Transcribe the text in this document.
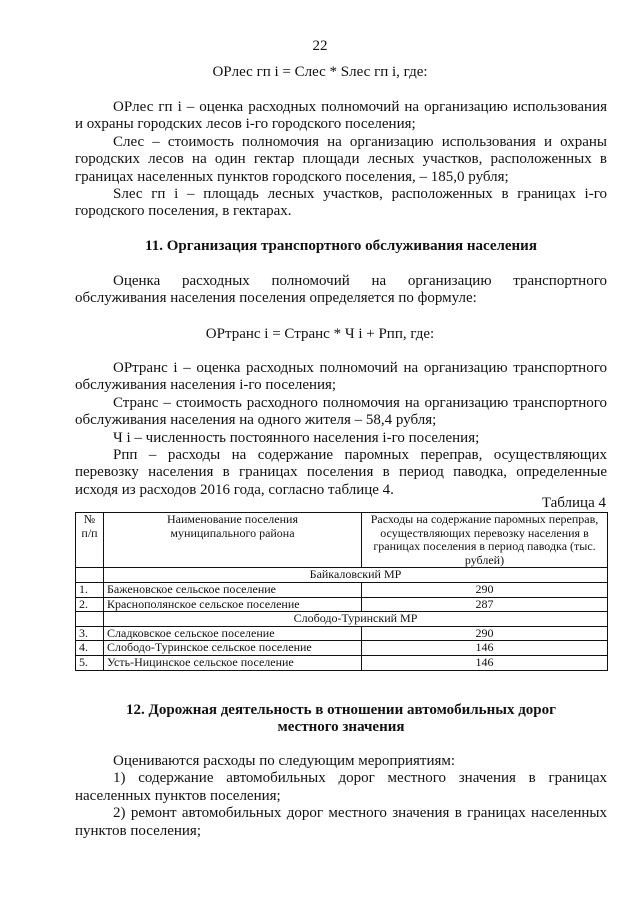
22
ОРлес гп i = Cлес * Sлес гп i, где:

ОРлес гп i – оценка расходных полномочий на организацию использования и охраны городских лесов i-го городского поселения;

Cлес – стоимость полномочия на организацию использования и охраны городских лесов на один гектар площади лесных участков, расположенных в границах населенных пунктов городского поселения, – 185,0 рубля;

Sлес гп i – площадь лесных участков, расположенных в границах i-го городского поселения, в гектарах.

11. Организация транспортного обслуживания населения

Оценка расходных полномочий на организацию транспортного обслуживания населения поселения определяется по формуле:

ОРтранс i = Странс * Ч i + Рпп, где:

ОРтранс i – оценка расходных полномочий на организацию транспортного обслуживания населения i-го поселения;

Странс – стоимость расходного полномочия на организацию транспортного обслуживания населения на одного жителя – 58,4 рубля;

Ч i – численность постоянного населения i-го поселения;

Рпп – расходы на содержание паромных переправ, осуществляющих перевозку населения в границах поселения в период паводка, определенные исходя из расходов 2016 года, согласно таблице 4.

Таблица 4
№ п/п	Наименование поселения муниципального района	Расходы на содержание паромных переправ, осуществляющих перевозку населения в границах поселения в период паводка (тыс. рублей)
	Байкаловский МР	
1.	Баженовское сельское поселение	290
2.	Краснополянское сельское поселение	287
	Слободо-Туринский МР	
3.	Сладковское сельское поселение	290
4.	Слободо-Туринское сельское поселение	146
5.	Усть-Ницинское сельское поселение	146
12. Дорожная деятельность в отношении автомобильных дорог
местного значения

Оцениваются расходы по следующим мероприятиям:

1) содержание автомобильных дорог местного значения в границах населенных пунктов поселения;

2) ремонт автомобильных дорог местного значения в границах населенных пунктов поселения;
